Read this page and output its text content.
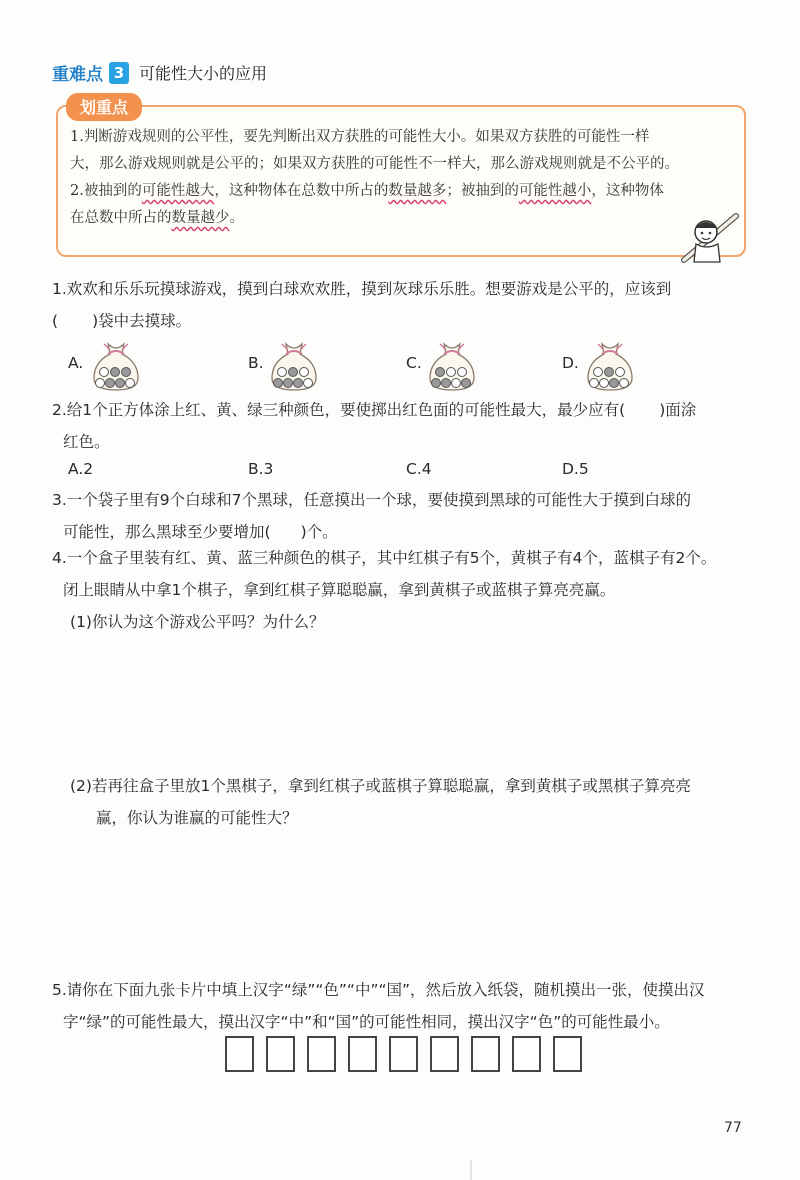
重难点 3 可能性大小的应用
划重点
1.判断游戏规则的公平性，要先判断出双方获胜的可能性大小。如果双方获胜的可能性一样
大，那么游戏规则就是公平的；如果双方获胜的可能性不一样大，那么游戏规则就是不公平的。
2.被抽到的可能性越大，这种物体在总数中所占的数量越多；被抽到的可能性越小，这种物体
在总数中所占的数量越少。
1.欢欢和乐乐玩摸球游戏，摸到白球欢欢胜，摸到灰球乐乐胜。想要游戏是公平的，应该到
( )袋中去摸球。
A.	B.	C.	D.
2.给1个正方体涂上红、黄、绿三种颜色，要使掷出红色面的可能性最大，最少应有( )面涂
红色。
A.2	B.3	C.4	D.5
3.一个袋子里有9个白球和7个黑球，任意摸出一个球，要使摸到黑球的可能性大于摸到白球的
可能性，那么黑球至少要增加( )个。
4.一个盒子里装有红、黄、蓝三种颜色的棋子，其中红棋子有5个，黄棋子有4个，蓝棋子有2个。
闭上眼睛从中拿1个棋子，拿到红棋子算聪聪赢，拿到黄棋子或蓝棋子算亮亮赢。
(1)你认为这个游戏公平吗？为什么？
(2)若再往盒子里放1个黑棋子，拿到红棋子或蓝棋子算聪聪赢，拿到黄棋子或黑棋子算亮亮
赢，你认为谁赢的可能性大？
5.请你在下面九张卡片中填上汉字“绿”“色”“中”“国”，然后放入纸袋，随机摸出一张，使摸出汉
字“绿”的可能性最大，摸出汉字“中”和“国”的可能性相同，摸出汉字“色”的可能性最小。
77
